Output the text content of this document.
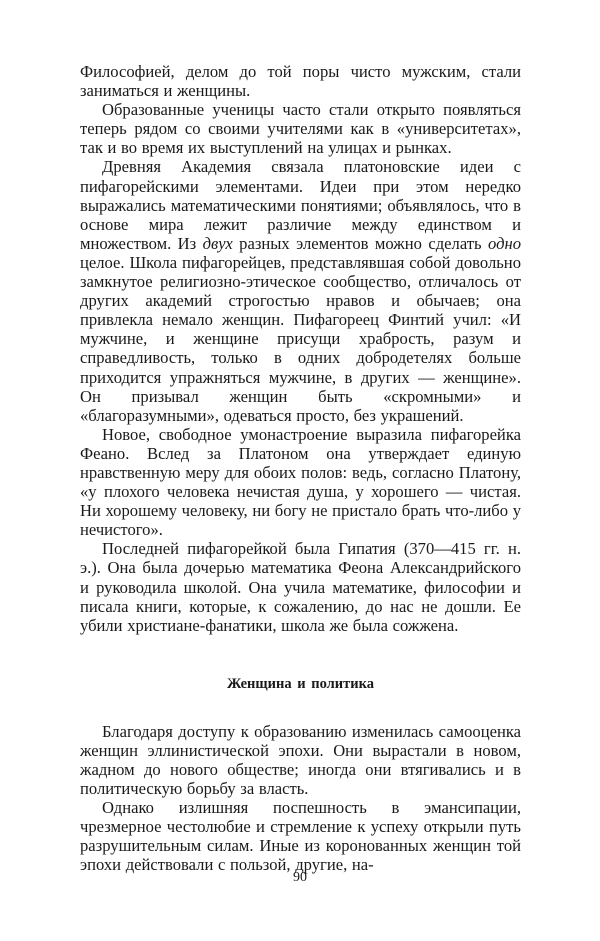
Философией, делом до той поры чисто мужским, стали заниматься и женщины.

Образованные ученицы часто стали открыто появляться теперь рядом со своими учителями как в «университетах», так и во время их выступлений на улицах и рынках.

Древняя Академия связала платоновские идеи с пифагорейскими элементами. Идеи при этом нередко выражались математическими понятиями; объявлялось, что в основе мира лежит различие между единством и множеством. Из двух разных элементов можно сделать одно целое. Школа пифагорейцев, представлявшая собой довольно замкнутое религиозно-этическое сообщество, отличалось от других академий строгостью нравов и обычаев; она привлекла немало женщин. Пифагореец Финтий учил: «И мужчине, и женщине присущи храбрость, разум и справедливость, только в одних добродетелях больше приходится упражняться мужчине, в других — женщине». Он призывал женщин быть «скромными» и «благоразумными», одеваться просто, без украшений.

Новое, свободное умонастроение выразила пифагорейка Феано. Вслед за Платоном она утверждает единую нравственную меру для обоих полов: ведь, согласно Платону, «у плохого человека нечистая душа, у хорошего — чистая. Ни хорошему человеку, ни богу не пристало брать что-либо у нечистого».

Последней пифагорейкой была Гипатия (370—415 гг. н. э.). Она была дочерью математика Феона Александрийского и руководила школой. Она учила математике, философии и писала книги, которые, к сожалению, до нас не дошли. Ее убили христиане-фанатики, школа же была сожжена.

Женщина и политика

Благодаря доступу к образованию изменилась самооценка женщин эллинистической эпохи. Они вырастали в новом, жадном до нового обществе; иногда они втягивались и в политическую борьбу за власть.

Однако излишняя поспешность в эмансипации, чрезмерное честолюбие и стремление к успеху открыли путь разрушительным силам. Иные из коронованных женщин той эпохи действовали с пользой, другие, на-

90
